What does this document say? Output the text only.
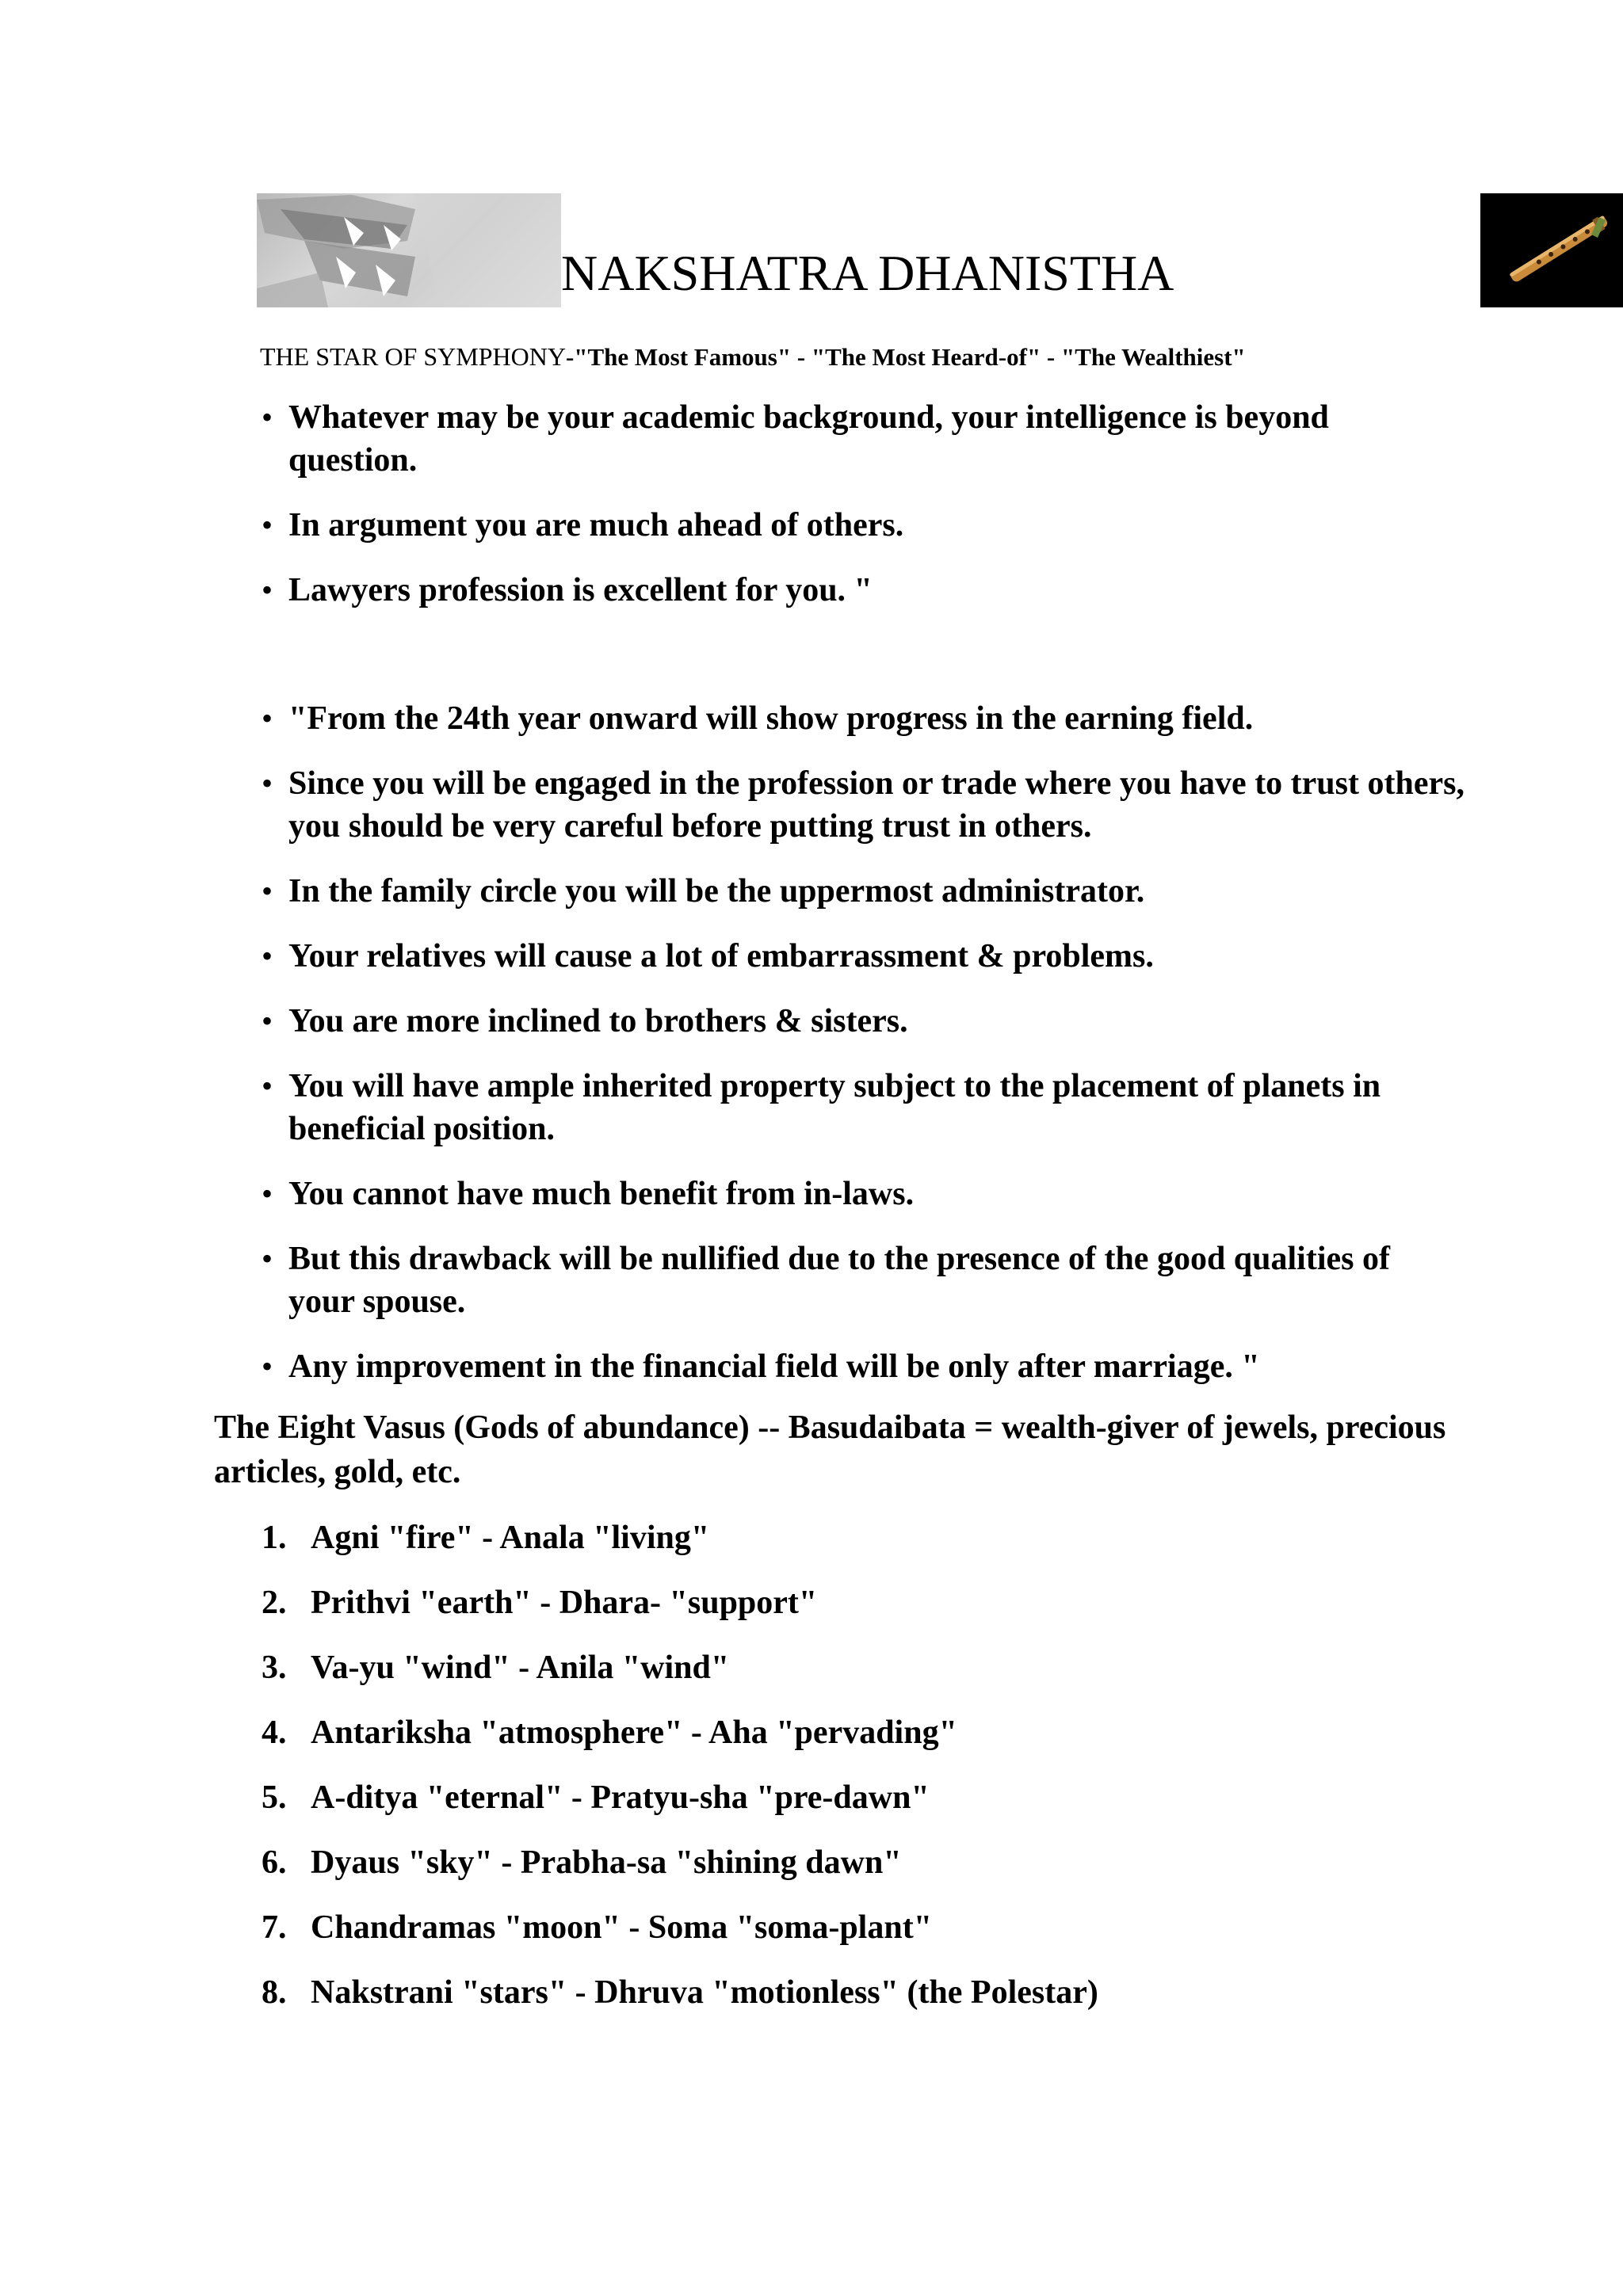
NAKSHATRA DHANISTHA
THE STAR OF SYMPHONY-"The Most Famous" - "The Most Heard-of" - "The Wealthiest"
• Whatever may be your academic background, your intelligence is beyond question.
• In argument you are much ahead of others.
• Lawyers profession is excellent for you. "
• "From the 24th year onward will show progress in the earning field.
• Since you will be engaged in the profession or trade where you have to trust others, you should be very careful before putting trust in others.
• In the family circle you will be the uppermost administrator.
• Your relatives will cause a lot of embarrassment & problems.
• You are more inclined to brothers & sisters.
• You will have ample inherited property subject to the placement of planets in beneficial position.
• You cannot have much benefit from in-laws.
• But this drawback will be nullified due to the presence of the good qualities of your spouse.
• Any improvement in the financial field will be only after marriage. "
The Eight Vasus (Gods of abundance) -- Basudaibata = wealth-giver of jewels, precious articles, gold, etc.
1. Agni "fire" - Anala "living"
2. Prithvi "earth" - Dhara- "support"
3. Va-yu "wind" - Anila "wind"
4. Antariksha "atmosphere" - Aha "pervading"
5. A-ditya "eternal" - Pratyu-sha "pre-dawn"
6. Dyaus "sky" - Prabha-sa "shining dawn"
7. Chandramas "moon" - Soma "soma-plant"
8. Nakstrani "stars" - Dhruva "motionless" (the Polestar)
